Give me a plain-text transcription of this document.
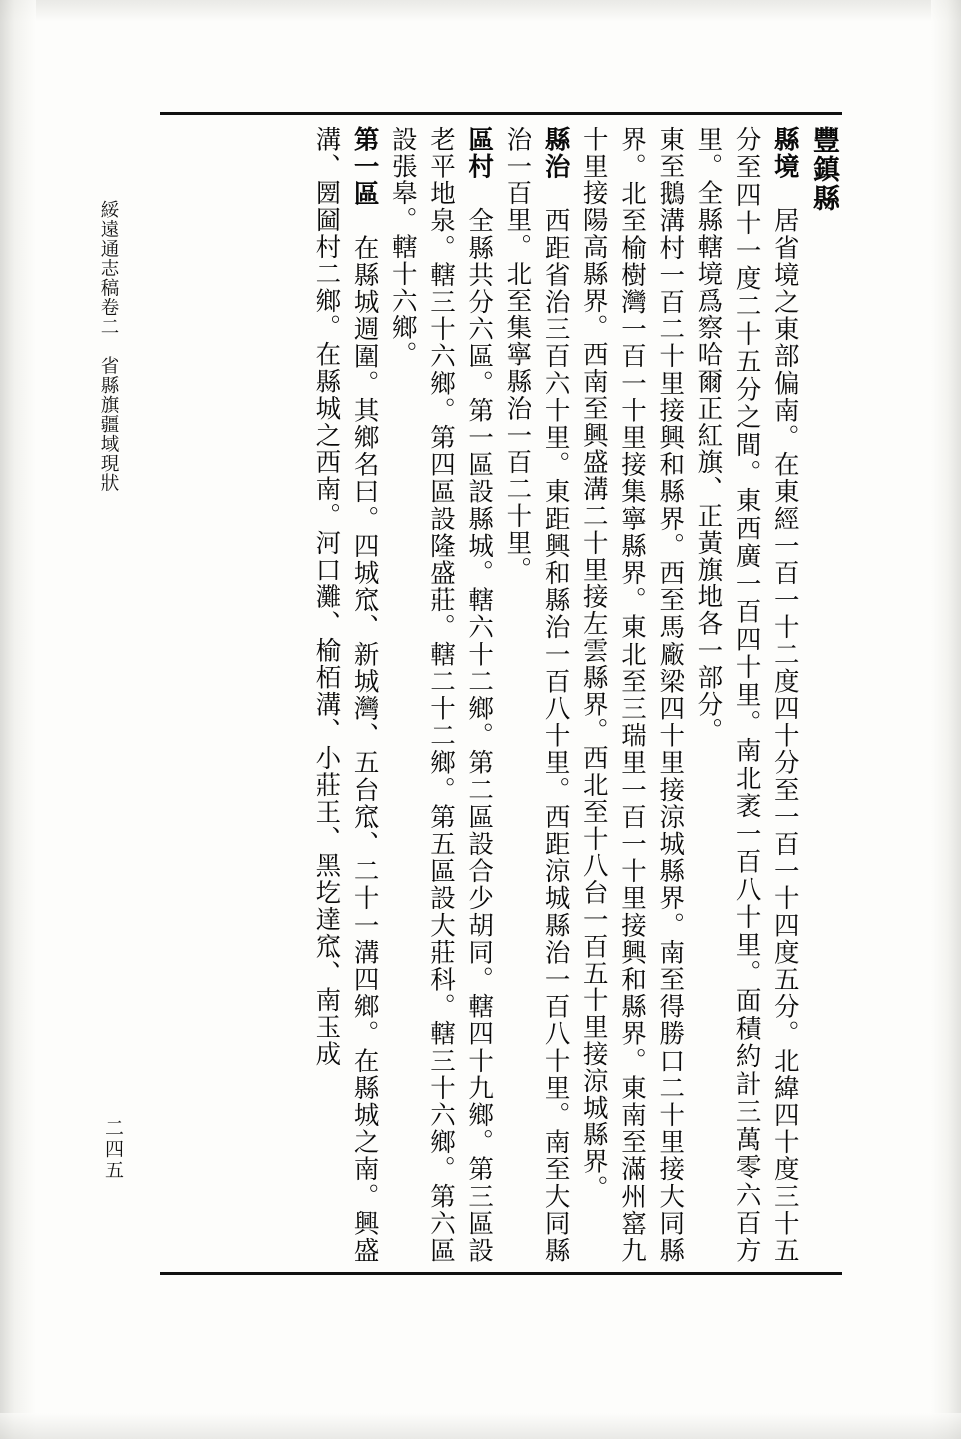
綏遠通志稿卷二　省縣旗疆域現狀
二四五

豐鎮縣

縣境　居省境之東部偏南。在東經一百一十二度四十分至一百一十四度五分。北緯四十度三十五分至四十一度二十五分之間。東西廣一百四十里。南北袤一百八十里。面積約計三萬零六百方里。全縣轄境爲察哈爾正紅旗、正黃旗地各一部分。

東至鵝溝村一百二十里接興和縣界。西至馬廠梁四十里接涼城縣界。南至得勝口二十里接大同縣界。北至榆樹灣一百一十里接集寧縣界。東北至三瑞里一百一十里接興和縣界。東南至滿州窰九十里接陽高縣界。西南至興盛溝二十里接左雲縣界。西北至十八台一百五十里接涼城縣界。

縣治　西距省治三百六十里。東距興和縣治一百八十里。西距涼城縣治一百八十里。南至大同縣治一百里。北至集寧縣治一百二十里。

區村　全縣共分六區。第一區設縣城。轄六十二鄉。第二區設合少胡同。轄四十九鄉。第三區設老平地泉。轄三十六鄉。第四區設隆盛莊。轄二十二鄉。第五區設大莊科。轄三十六鄉。第六區設張皋。轄十六鄉。

第一區　在縣城週圍。其鄉名曰。四城窊、新城灣、五台窊、二十一溝四鄉。在縣城之南。興盛溝、圐圙村二鄉。在縣城之西南。河口灘、榆栢溝、小莊王、黑圪達窊、南玉成
